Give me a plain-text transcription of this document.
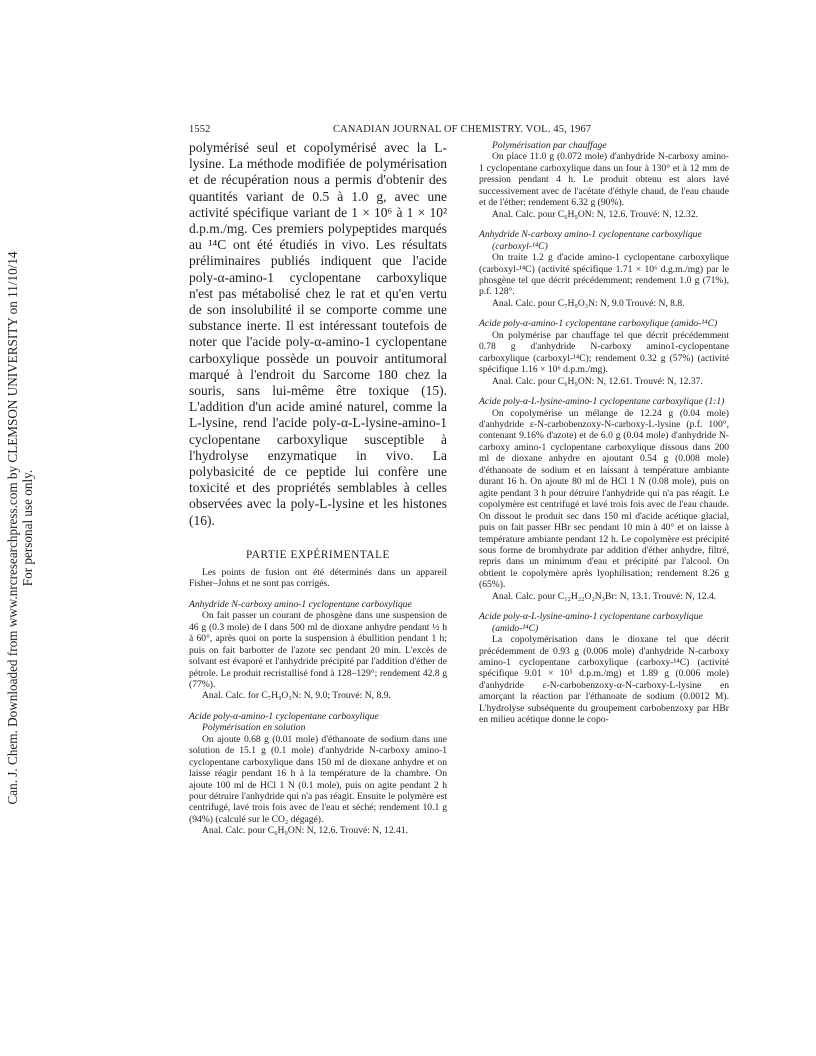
Can. J. Chem. Downloaded from www.nrcresearchpress.com by CLEMSON UNIVERSITY on 11/10/14
For personal use only.
1552	CANADIAN JOURNAL OF CHEMISTRY. VOL. 45, 1967

polymérisé seul et copolymérisé avec la L-lysine. La méthode modifiée de polymérisation et de récupération nous a permis d'obtenir des quantités variant de 0.5 à 1.0 g, avec une activité spécifique variant de 1 × 10⁶ à 1 × 10² d.p.m./mg. Ces premiers polypeptides marqués au ¹⁴C ont été étudiés in vivo. Les résultats préliminaires publiés indiquent que l'acide poly-α-amino-1 cyclopentane carboxylique n'est pas métabolisé chez le rat et qu'en vertu de son insolubilité il se comporte comme une substance inerte. Il est intéressant toutefois de noter que l'acide poly-α-amino-1 cyclopentane carboxylique possède un pouvoir antitumoral marqué à l'endroit du Sarcome 180 chez la souris, sans lui-même être toxique (15). L'addition d'un acide aminé naturel, comme la L-lysine, rend l'acide poly-α-L-lysine-amino-1 cyclopentane carboxylique susceptible à l'hydrolyse enzymatique in vivo. La polybasicité de ce peptide lui confère une toxicité et des propriétés semblables à celles observées avec la poly-L-lysine et les histones (16).

PARTIE EXPÉRIMENTALE

Les points de fusion ont été déterminés dans un appareil Fisher–Johns et ne sont pas corrigés.

Anhydride N-carboxy amino-1 cyclopentane carboxylique

On fait passer un courant de phosgène dans une suspension de 46 g (0.3 mole) de I dans 500 ml de dioxane anhydre pendant ½ h à 60°, après quoi on porte la suspension à ébullition pendant 1 h; puis on fait barbotter de l'azote sec pendant 20 min. L'excès de solvant est évaporé et l'anhydride précipité par l'addition d'éther de pétrole. Le produit recristallisé fond à 128–129°; rendement 42.8 g (77%).

Anal. Calc. for C₇H₉O₃N: N, 9.0; Trouvé: N, 8.9.

Acide poly-α-amino-1 cyclopentane carboxylique

Polymérisation en solution

On ajoute 0.68 g (0.01 mole) d'éthanoate de sodium dans une solution de 15.1 g (0.1 mole) d'anhydride N-carboxy amino-1 cyclopentane carboxylique dans 150 ml de dioxane anhydre et on laisse réagir pendant 16 h à la température de la chambre. On ajoute 100 ml de HCl 1 N (0.1 mole), puis on agite pendant 2 h pour détruire l'anhydride qui n'a pas réagit. Ensuite le polymère est centrifugé, lavé trois fois avec de l'eau et séché; rendement 10.1 g (94%) (calculé sur le CO₂ dégagé).

Anal. Calc. pour C₆H₉ON: N, 12.6. Trouvé: N, 12.41.

Polymérisation par chauffage

On place 11.0 g (0.072 mole) d'anhydride N-carboxy amino-1 cyclopentane carboxylique dans un four à 130° et à 12 mm de pression pendant 4 h. Le produit obtenu est alors lavé successivement avec de l'acétate d'éthyle chaud, de l'eau chaude et de l'éther; rendement 6.32 g (90%).

Anal. Calc. pour C₆H₉ON: N, 12.6. Trouvé: N, 12.32.

Anhydride N-carboxy amino-1 cyclopentane carboxylique (carboxyl-¹⁴C)

On traite 1.2 g d'acide amino-1 cyclopentane carboxylique (carboxyl-¹⁴C) (activité spécifique 1.71 × 10⁶ d.g.m./mg) par le phosgène tel que décrit précédemment; rendement 1.0 g (71%), p.f. 128°.

Anal. Calc. pour C₇H₉O₃N: N, 9.0 Trouvé: N, 8.8.

Acide poly-α-amino-1 cyclopentane carboxylique (amido-¹⁴C)

On polymérise par chauffage tel que décrit précédemment 0.78 g d'anhydride N-carboxy amino1-cyclopentane carboxylique (carboxyl-¹⁴C); rendement 0.32 g (57%) (activité spécifique 1.16 × 10⁶ d.p.m./mg).

Anal. Calc. pour C₆H₉ON: N, 12.61. Trouvé: N, 12.37.

Acide poly-α-L-lysine-amino-1 cyclopentane carboxylique (1:1)

On copolymérise un mélange de 12.24 g (0.04 mole) d'anhydride ε-N-carbobenzoxy-N-carboxy-L-lysine (p.f. 100°, contenant 9.16% d'azote) et de 6.0 g (0.04 mole) d'anhydride N-carboxy amino-1 cyclopentane carboxylique dissous dans 200 ml de dioxane anhydre en ajoutant 0.54 g (0.008 mole) d'éthanoate de sodium et en laissant à température ambiante durant 16 h. On ajoute 80 ml de HCl 1 N (0.08 mole), puis on agite pendant 3 h pour détruire l'anhydride qui n'a pas réagit. Le copolymère est centrifugé et lavé trois fois avec de l'eau chaude. On dissout le produit sec dans 150 ml d'acide acétique glacial, puis on fait passer HBr sec pendant 10 min à 40° et on laisse à température ambiante pendant 12 h. Le copolymère est précipité sous forme de bromhydrate par addition d'éther anhydre, filtré, repris dans un minimum d'eau et précipité par l'alcool. On obtient le copolymère après lyophilisation; rendement 8.26 g (65%).

Anal. Calc. pour C₁₂H₂₂O₂N₃Br: N, 13.1. Trouvé: N, 12.4.

Acide poly-α-L-lysine-amino-1 cyclopentane carboxylique (amido-¹⁴C)

La copolymérisation dans le dioxane tel que décrit précédemment de 0.93 g (0.006 mole) d'anhydride N-carboxy amino-1 cyclopentane carboxylique (carboxy-¹⁴C) (activité spécifique 9.01 × 10⁵ d.p.m./mg) et 1.89 g (0.006 mole) d'anhydride ε-N-carbobenzoxy-α-N-carboxy-L-lysine en amorçant la réaction par l'éthanoate de sodium (0.0012 M). L'hydrolyse subséquente du groupement carbobenzoxy par HBr en milieu acétique donne le copo-
